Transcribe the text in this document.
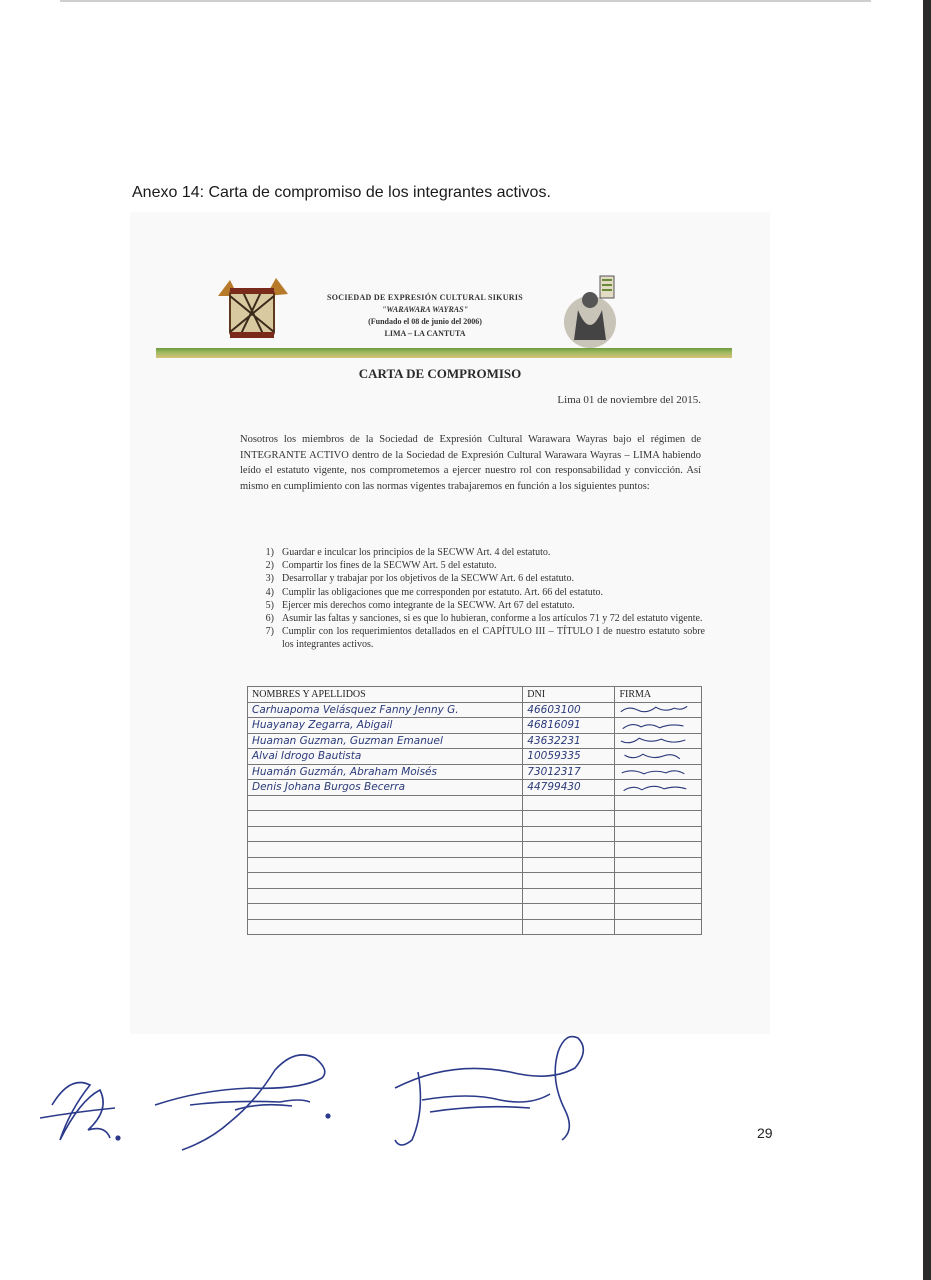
Anexo 14: Carta de compromiso de los integrantes activos.
SOCIEDAD DE EXPRESIÓN CULTURAL SIKURIS
"WARAWARA WAYRAS"
(Fundado el 08 de junio del 2006)
LIMA – LA CANTUTA
CARTA DE COMPROMISO
Lima 01 de noviembre del 2015.
Nosotros los miembros de la Sociedad de Expresión Cultural Warawara Wayras bajo el régimen de INTEGRANTE ACTIVO dentro de la Sociedad de Expresión Cultural Warawara Wayras – LIMA habiendo leído el estatuto vigente, nos comprometemos a ejercer nuestro rol con responsabilidad y convicción. Así mismo en cumplimiento con las normas vigentes trabajaremos en función a los siguientes puntos:
1) Guardar e inculcar los principios de la SECWW Art. 4 del estatuto.
2) Compartir los fines de la SECWW Art. 5 del estatuto.
3) Desarrollar y trabajar por los objetivos de la SECWW Art. 6 del estatuto.
4) Cumplir las obligaciones que me corresponden por estatuto. Art. 66 del estatuto.
5) Ejercer mis derechos como integrante de la SECWW. Art 67 del estatuto.
6) Asumir las faltas y sanciones, si es que lo hubieran, conforme a los artículos 71 y 72 del estatuto vigente.
7) Cumplir con los requerimientos detallados en el CAPÍTULO III – TÍTULO I de nuestro estatuto sobre los integrantes activos.
NOMBRES Y APELLIDOS	DNI	FIRMA
Carhuapoma Velásquez Fanny Jenny G.	46603100	

Huayanay Zegarra, Abigail	46816091	

Huaman Guzman, Guzman Emanuel	43632231	

Alvai Idrogo Bautista	10059335	

Huamán Guzmán, Abraham Moisés	73012317	

Denis Johana Burgos Becerra	44799430	

29
